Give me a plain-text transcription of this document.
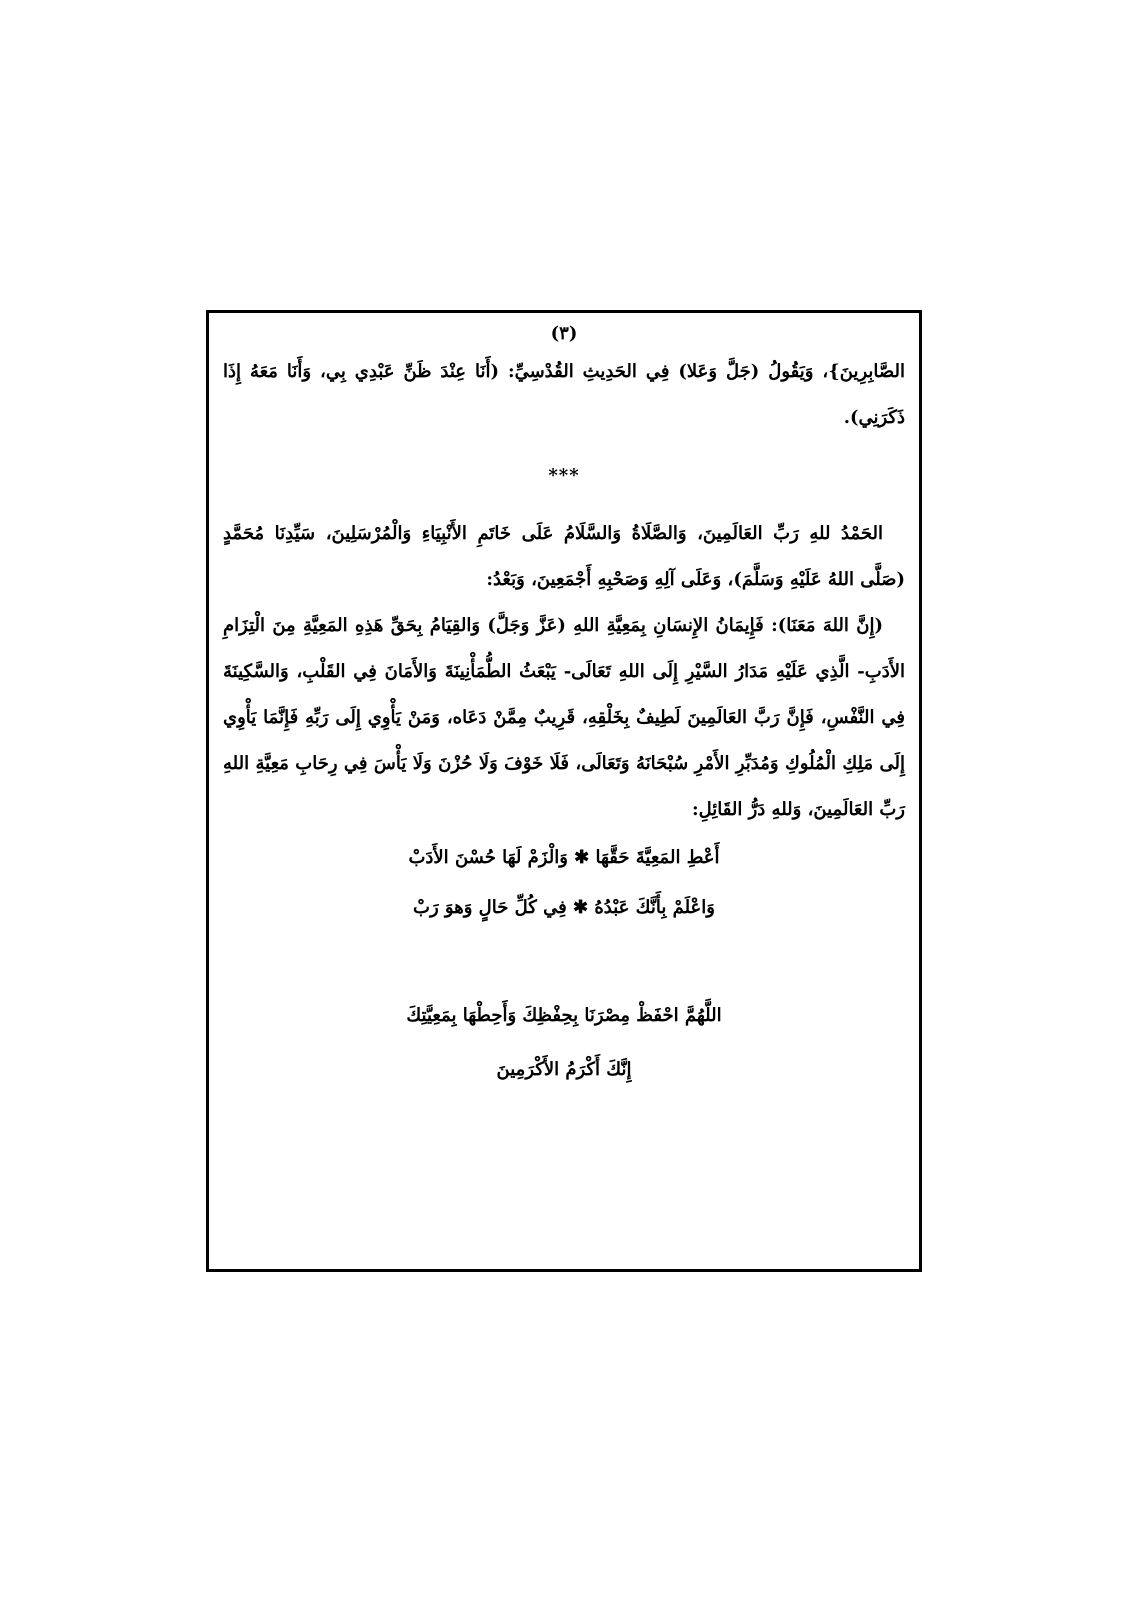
(٣)

الصَّابِرِينَ}، وَيَقُولُ (جَلَّ وَعَلا) فِي الحَدِيثِ القُدْسِيِّ: (أَنَا عِنْدَ ظَنِّ عَبْدِي بِي، وَأَنَا مَعَهُ إِذَا ذَكَرَنِي).

***

الحَمْدُ للهِ رَبِّ العَالَمِينَ، وَالصَّلَاةُ وَالسَّلَامُ عَلَى خَاتَمِ الأَنْبِيَاءِ وَالْمُرْسَلِينَ، سَيِّدِنَا مُحَمَّدٍ (صَلَّى اللهُ عَلَيْهِ وَسَلَّمَ)، وَعَلَى آلِهِ وَصَحْبِهِ أَجْمَعِينَ، وَبَعْدُ:

(إِنَّ اللهَ مَعَنَا): فَإِيمَانُ الإِنسَانِ بِمَعِيَّةِ اللهِ (عَزَّ وَجَلَّ) وَالقِيَامُ بِحَقِّ هَذِهِ المَعِيَّةِ مِنَ الْتِزَامِ الأَدَبِ- الَّذِي عَلَيْهِ مَدَارُ السَّيْرِ إِلَى اللهِ تَعَالَى- يَبْعَثُ الطُّمَأْنِينَةَ وَالأَمَانَ فِي القَلْبِ، وَالسَّكِينَةَ فِي النَّفْسِ، فَإِنَّ رَبَّ العَالَمِينَ لَطِيفٌ بِخَلْقِهِ، قَرِيبٌ مِمَّنْ دَعَاه، وَمَنْ يَأْوِي إِلَى رَبِّهِ فَإِنَّمَا يَأْوِي إِلَى مَلِكِ الْمُلُوكِ وَمُدَبِّرِ الأَمْرِ سُبْحَانَهُ وَتَعَالَى، فَلَا خَوْفَ وَلَا حُزْنَ وَلَا يَأْسَ فِي رِحَابِ مَعِيَّةِ اللهِ رَبِّ العَالَمِينَ، وَللهِ دَرُّ القَائِلِ:

أَعْطِ المَعِيَّةَ حَقَّهَا ✱ وَالْزَمْ لَهَا حُسْنَ الأَدَبْ

وَاعْلَمْ بِأَنَّكَ عَبْدُهُ ✱ فِي كُلِّ حَالٍ وَهوَ رَبْ

اللَّهُمَّ احْفَظْ مِصْرَنَا بِحِفْظِكَ وَأَحِطْهَا بِمَعِيَّتِكَ

إِنَّكَ أَكْرَمُ الأَكْرَمِينَ
